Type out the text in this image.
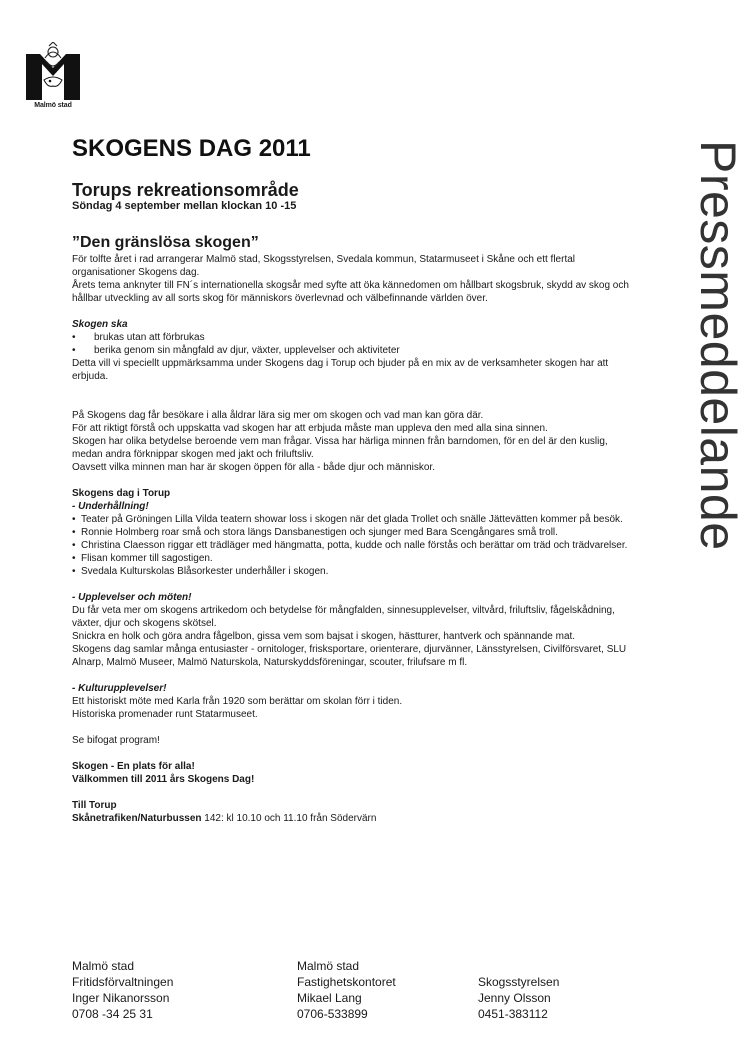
Malmö stad
Pressmeddelande
SKOGENS DAG 2011
Torups rekreationsområde
Söndag 4 september mellan klockan 10 -15
”Den gränslösa skogen”

För tolfte året i rad arrangerar Malmö stad, Skogsstyrelsen, Svedala kommun, Statarmuseet i Skåne och ett flertal organisationer Skogens dag.

Årets tema anknyter till FN´s internationella skogsår med syfte att öka kännedomen om hållbart skogsbruk, skydd av skog och hållbar utveckling av all sorts skog för människors överlevnad och välbefinnande världen över.

Skogen ska

• brukas utan att förbrukas
• berika genom sin mångfald av djur, växter, upplevelser och aktiviteter

Detta vill vi speciellt uppmärksamma under Skogens dag i Torup och bjuder på en mix av de verksamheter skogen har att erbjuda.

På Skogens dag får besökare i alla åldrar lära sig mer om skogen och vad man kan göra där.

För att riktigt förstå och uppskatta vad skogen har att erbjuda måste man uppleva den med alla sina sinnen.

Skogen har olika betydelse beroende vem man frågar. Vissa har härliga minnen från barndomen, för en del är den kuslig, medan andra förknippar skogen med jakt och friluftsliv.

Oavsett vilka minnen man har är skogen öppen för alla - både djur och människor.

Skogens dag i Torup

- Underhållning!

• Teater på Gröningen Lilla Vilda teatern showar loss i skogen när det glada Trollet och snälle Jättevätten kommer på besök.
• Ronnie Holmberg roar små och stora längs Dansbanestigen och sjunger med Bara Scengångares små troll.
• Christina Claesson riggar ett trädläger med hängmatta, potta, kudde och nalle förstås och berättar om träd och trädvarelser.
• Flisan kommer till sagostigen.
• Svedala Kulturskolas Blåsorkester underhåller i skogen.

- Upplevelser och möten!

Du får veta mer om skogens artrikedom och betydelse för mångfalden, sinnesupplevelser, viltvård, friluftsliv, fågelskådning, växter, djur och skogens skötsel.

Snickra en holk och göra andra fågelbon, gissa vem som bajsat i skogen, hästturer, hantverk och spännande mat.

Skogens dag samlar många entusiaster - ornitologer, frisksportare, orienterare, djurvänner, Länsstyrelsen, Civilförsvaret, SLU Alnarp, Malmö Museer, Malmö Naturskola, Naturskyddsföreningar, scouter, frilufsare m fl.

- Kulturupplevelser!

Ett historiskt möte med Karla från 1920 som berättar om skolan förr i tiden.

Historiska promenader runt Statarmuseet.

Se bifogat program!

Skogen - En plats för alla!

Välkommen till 2011 års Skogens Dag!

Till Torup

Skånetrafiken/Naturbussen 142: kl 10.10 och 11.10 från Södervärn

Malmö stad
Fritidsförvaltningen
Inger Nikanorsson
0708 -34 25 31
Malmö stad
Fastighetskontoret
Mikael Lang
0706-533899
Skogsstyrelsen
Jenny Olsson
0451-383112
